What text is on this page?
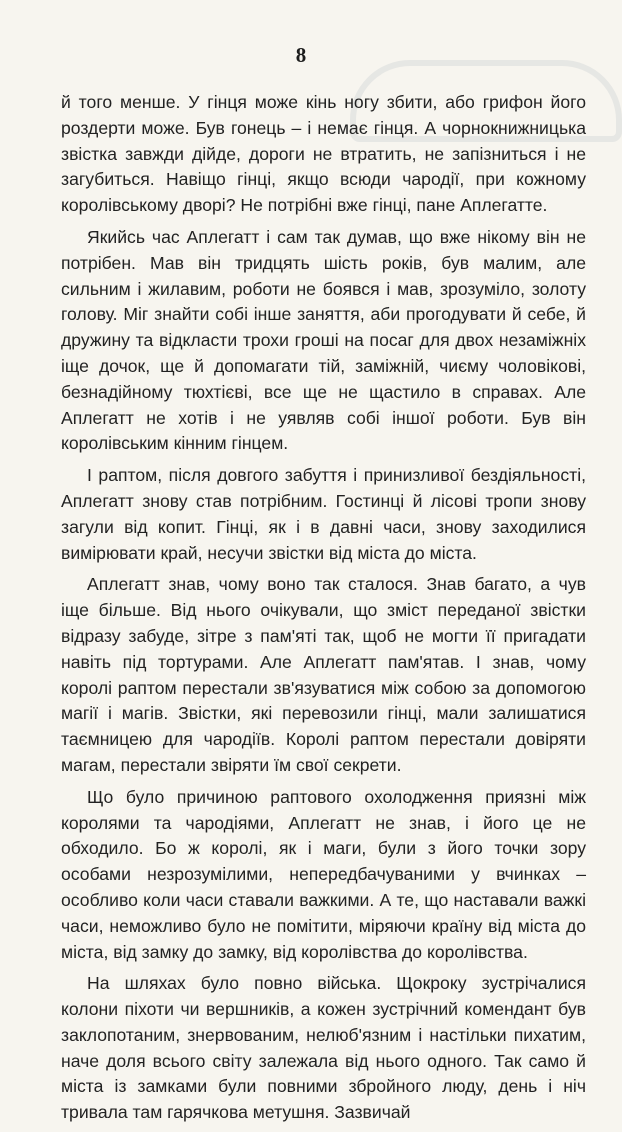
8

й того менше. У гінця може кінь ногу збити, або грифон його роздерти може. Був гонець – і немає гінця. А чорнокнижницька звістка завжди дійде, дороги не втратить, не запізниться і не загубиться. Навіщо гінці, якщо всюди чародії, при кожному королівському дворі? Не потрібні вже гінці, пане Аплегатте.

Якийсь час Аплегатт і сам так думав, що вже нікому він не потрібен. Мав він тридцять шість років, був малим, але сильним і жилавим, роботи не боявся і мав, зрозуміло, золоту голову. Міг знайти собі інше заняття, аби прогодувати й себе, й дружину та відкласти трохи гроші на посаг для двох незаміжніх іще дочок, ще й допомагати тій, заміжній, чиєму чоловікові, безнадійному тюхтієві, все ще не щастило в справах. Але Аплегатт не хотів і не уявляв собі іншої роботи. Був він королівським кінним гінцем.

І раптом, після довгого забуття і принизливої бездіяльності, Аплегатт знову став потрібним. Гостинці й лісові тропи знову загули від копит. Гінці, як і в давні часи, знову заходилися вимірювати край, несучи звістки від міста до міста.

Аплегатт знав, чому воно так сталося. Знав багато, а чув іще більше. Від нього очікували, що зміст переданої звістки відразу забуде, зітре з пам'яті так, щоб не могти її пригадати навіть під тортурами. Але Аплегатт пам'ятав. І знав, чому королі раптом перестали зв'язуватися між собою за допомогою магії і магів. Звістки, які перевозили гінці, мали залишатися таємницею для чародіїв. Королі раптом перестали довіряти магам, перестали звіряти їм свої секрети.

Що було причиною раптового охолодження приязні між королями та чародіями, Аплегатт не знав, і його це не обходило. Бо ж королі, як і маги, були з його точки зору особами незрозумілими, непередбачуваними у вчинках – особливо коли часи ставали важкими. А те, що наставали важкі часи, неможливо було не помітити, міряючи країну від міста до міста, від замку до замку, від королівства до королівства.

На шляхах було повно війська. Щокроку зустрічалися колони піхоти чи вершників, а кожен зустрічний комендант був заклопотаним, знервованим, нелюб'язним і настільки пихатим, наче доля всього світу залежала від нього одного. Так само й міста із замками були повними збройного люду, день і ніч тривала там гарячкова метушня. Зазвичай
